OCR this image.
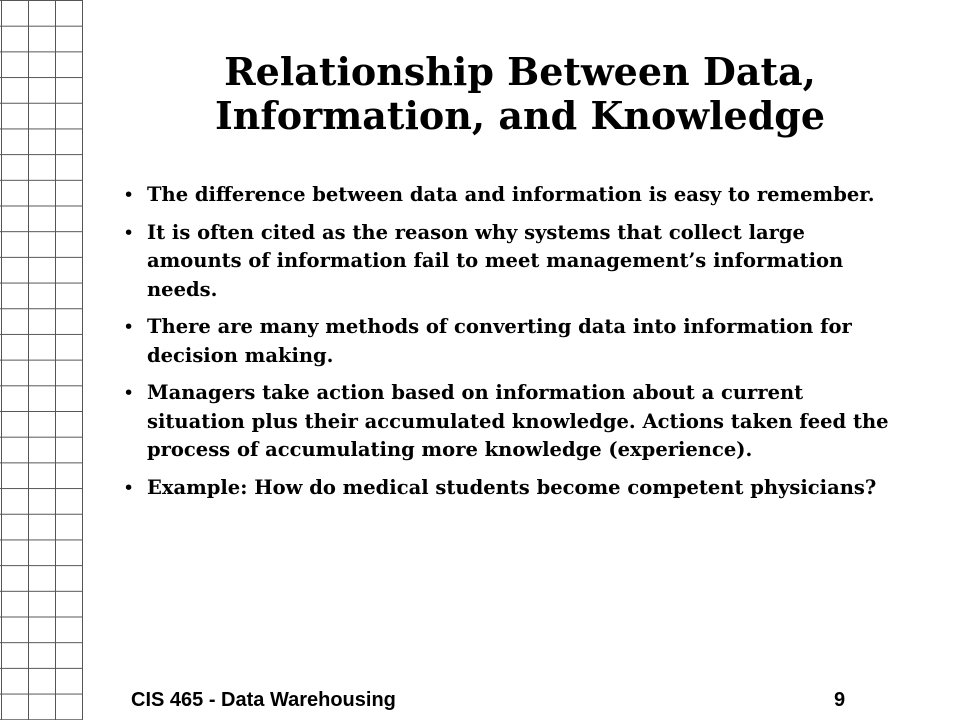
Relationship Between Data,
Information, and Knowledge
• The difference between data and information is easy to remember.
• It is often cited as the reason why systems that collect large amounts of information fail to meet management’s information needs.
• There are many methods of converting data into information for decision making.
• Managers take action based on information about a current situation plus their accumulated knowledge. Actions taken feed the process of accumulating more knowledge (experience).
• Example: How do medical students become competent physicians?
CIS 465 - Data Warehousing	9
